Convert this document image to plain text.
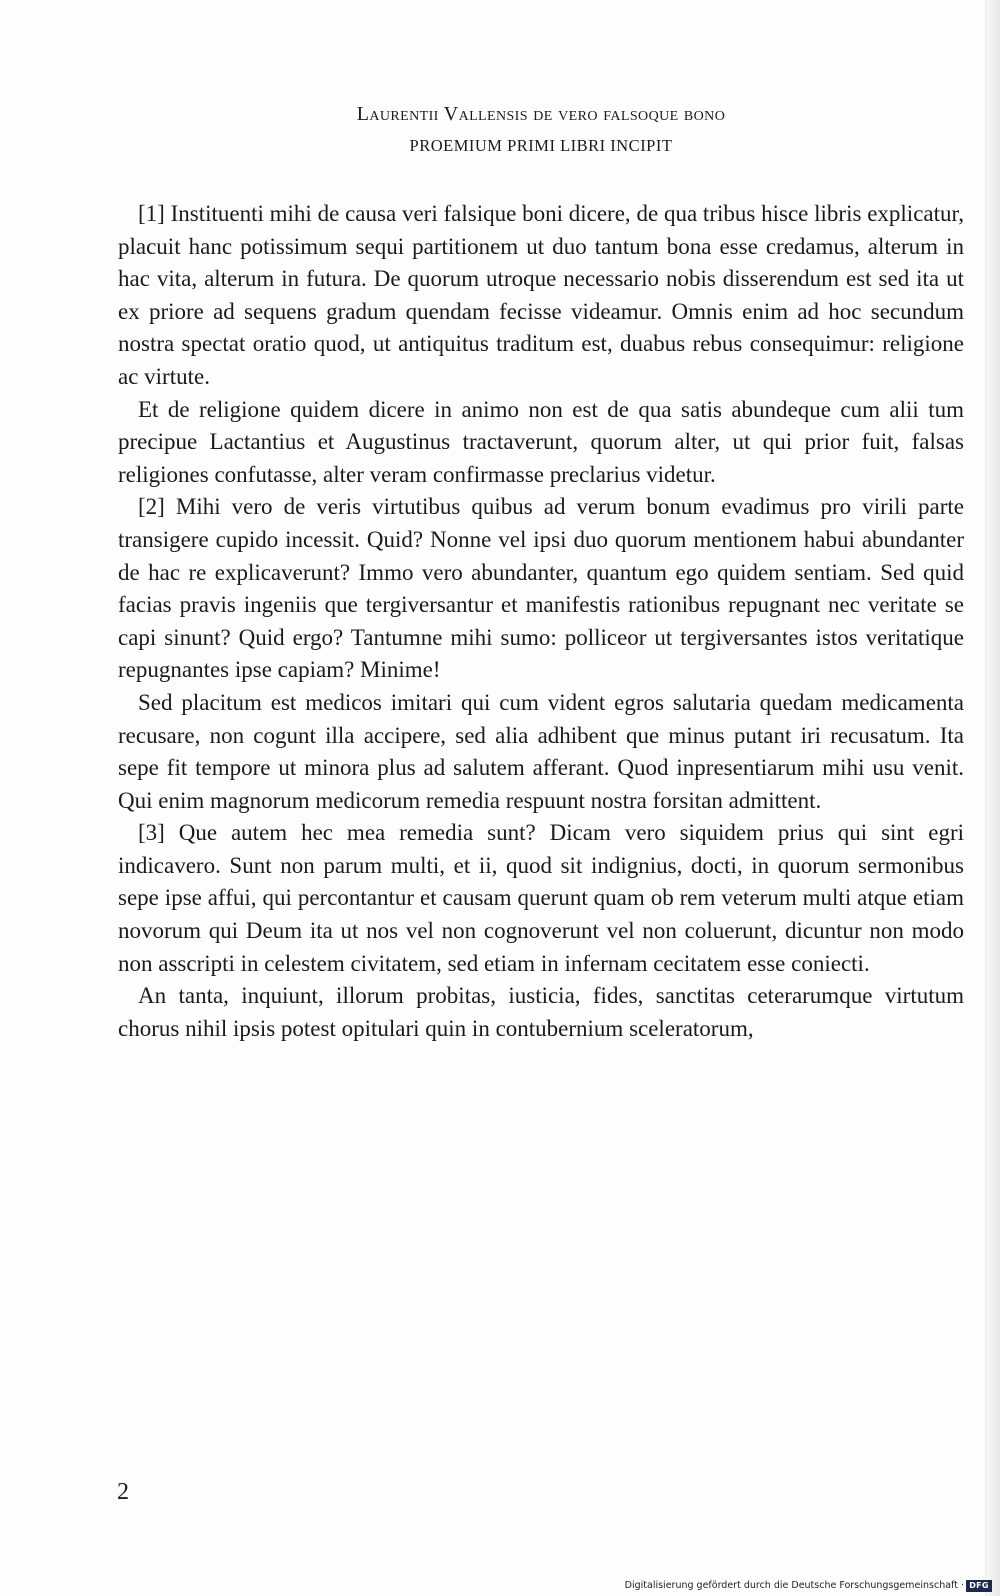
Laurentii Vallensis de vero falsoque bono
PROEMIUM PRIMI LIBRI INCIPIT

[1] Instituenti mihi de causa veri falsique boni dicere, de qua tribus hisce libris explicatur, placuit hanc potissimum sequi partitionem ut duo tantum bona esse credamus, alterum in hac vita, alterum in futura. De quorum utroque necessario nobis disserendum est sed ita ut ex priore ad sequens gradum quendam fecisse videamur. Omnis enim ad hoc secundum nostra spectat oratio quod, ut antiquitus traditum est, duabus rebus consequimur: religione ac virtute.

Et de religione quidem dicere in animo non est de qua satis abundeque cum alii tum precipue Lactantius et Augustinus tractaverunt, quorum alter, ut qui prior fuit, falsas religiones confutasse, alter veram confirmasse preclarius videtur.

[2] Mihi vero de veris virtutibus quibus ad verum bonum evadimus pro virili parte transigere cupido incessit. Quid? Nonne vel ipsi duo quorum mentionem habui abundanter de hac re explicaverunt? Immo vero abundanter, quantum ego quidem sentiam. Sed quid facias pravis ingeniis que tergiversantur et manifestis rationibus repugnant nec veritate se capi sinunt? Quid ergo? Tantumne mihi sumo: polliceor ut tergiversantes istos veritatique repugnantes ipse capiam? Minime!

Sed placitum est medicos imitari qui cum vident egros salutaria quedam medicamenta recusare, non cogunt illa accipere, sed alia adhibent que minus putant iri recusatum. Ita sepe fit tempore ut minora plus ad salutem afferant. Quod inpresentiarum mihi usu venit. Qui enim magnorum medicorum remedia respuunt nostra forsitan admittent.

[3] Que autem hec mea remedia sunt? Dicam vero siquidem prius qui sint egri indicavero. Sunt non parum multi, et ii, quod sit indignius, docti, in quorum sermonibus sepe ipse affui, qui percontantur et causam querunt quam ob rem veterum multi atque etiam novorum qui Deum ita ut nos vel non cognoverunt vel non coluerunt, dicuntur non modo non asscripti in celestem civitatem, sed etiam in infernam cecitatem esse coniecti.

An tanta, inquiunt, illorum probitas, iusticia, fides, sanctitas ceterarumque virtutum chorus nihil ipsis potest opitulari quin in contubernium sceleratorum,

2
Digitalisierung gefördert durch die Deutsche Forschungsgemeinschaft · DFG
